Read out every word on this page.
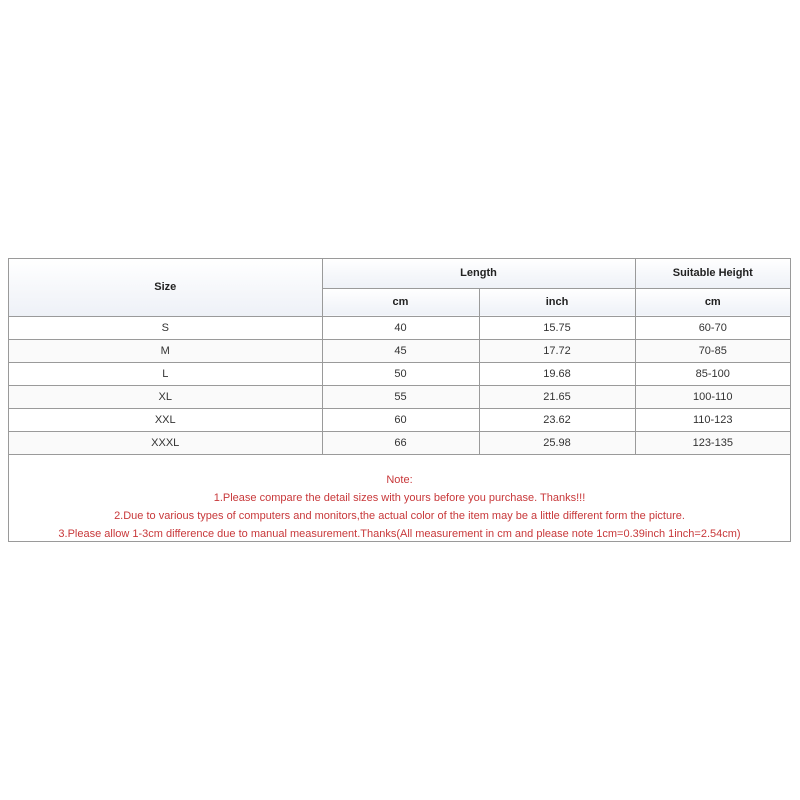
Size	Length		Suitable Height
	cm	inch	cm
S	40	15.75	60-70
M	45	17.72	70-85
L	50	19.68	85-100
XL	55	21.65	100-110
XXL	60	23.62	110-123
XXXL	66	25.98	123-135
Note:
1.Please compare the detail sizes with yours before you purchase. Thanks!!!
2.Due to various types of computers and monitors,the actual color of the item may be a little different form the picture.
3.Please allow 1-3cm difference due to manual measurement.Thanks(All measurement in cm and please note 1cm=0.39inch 1inch=2.54cm)
